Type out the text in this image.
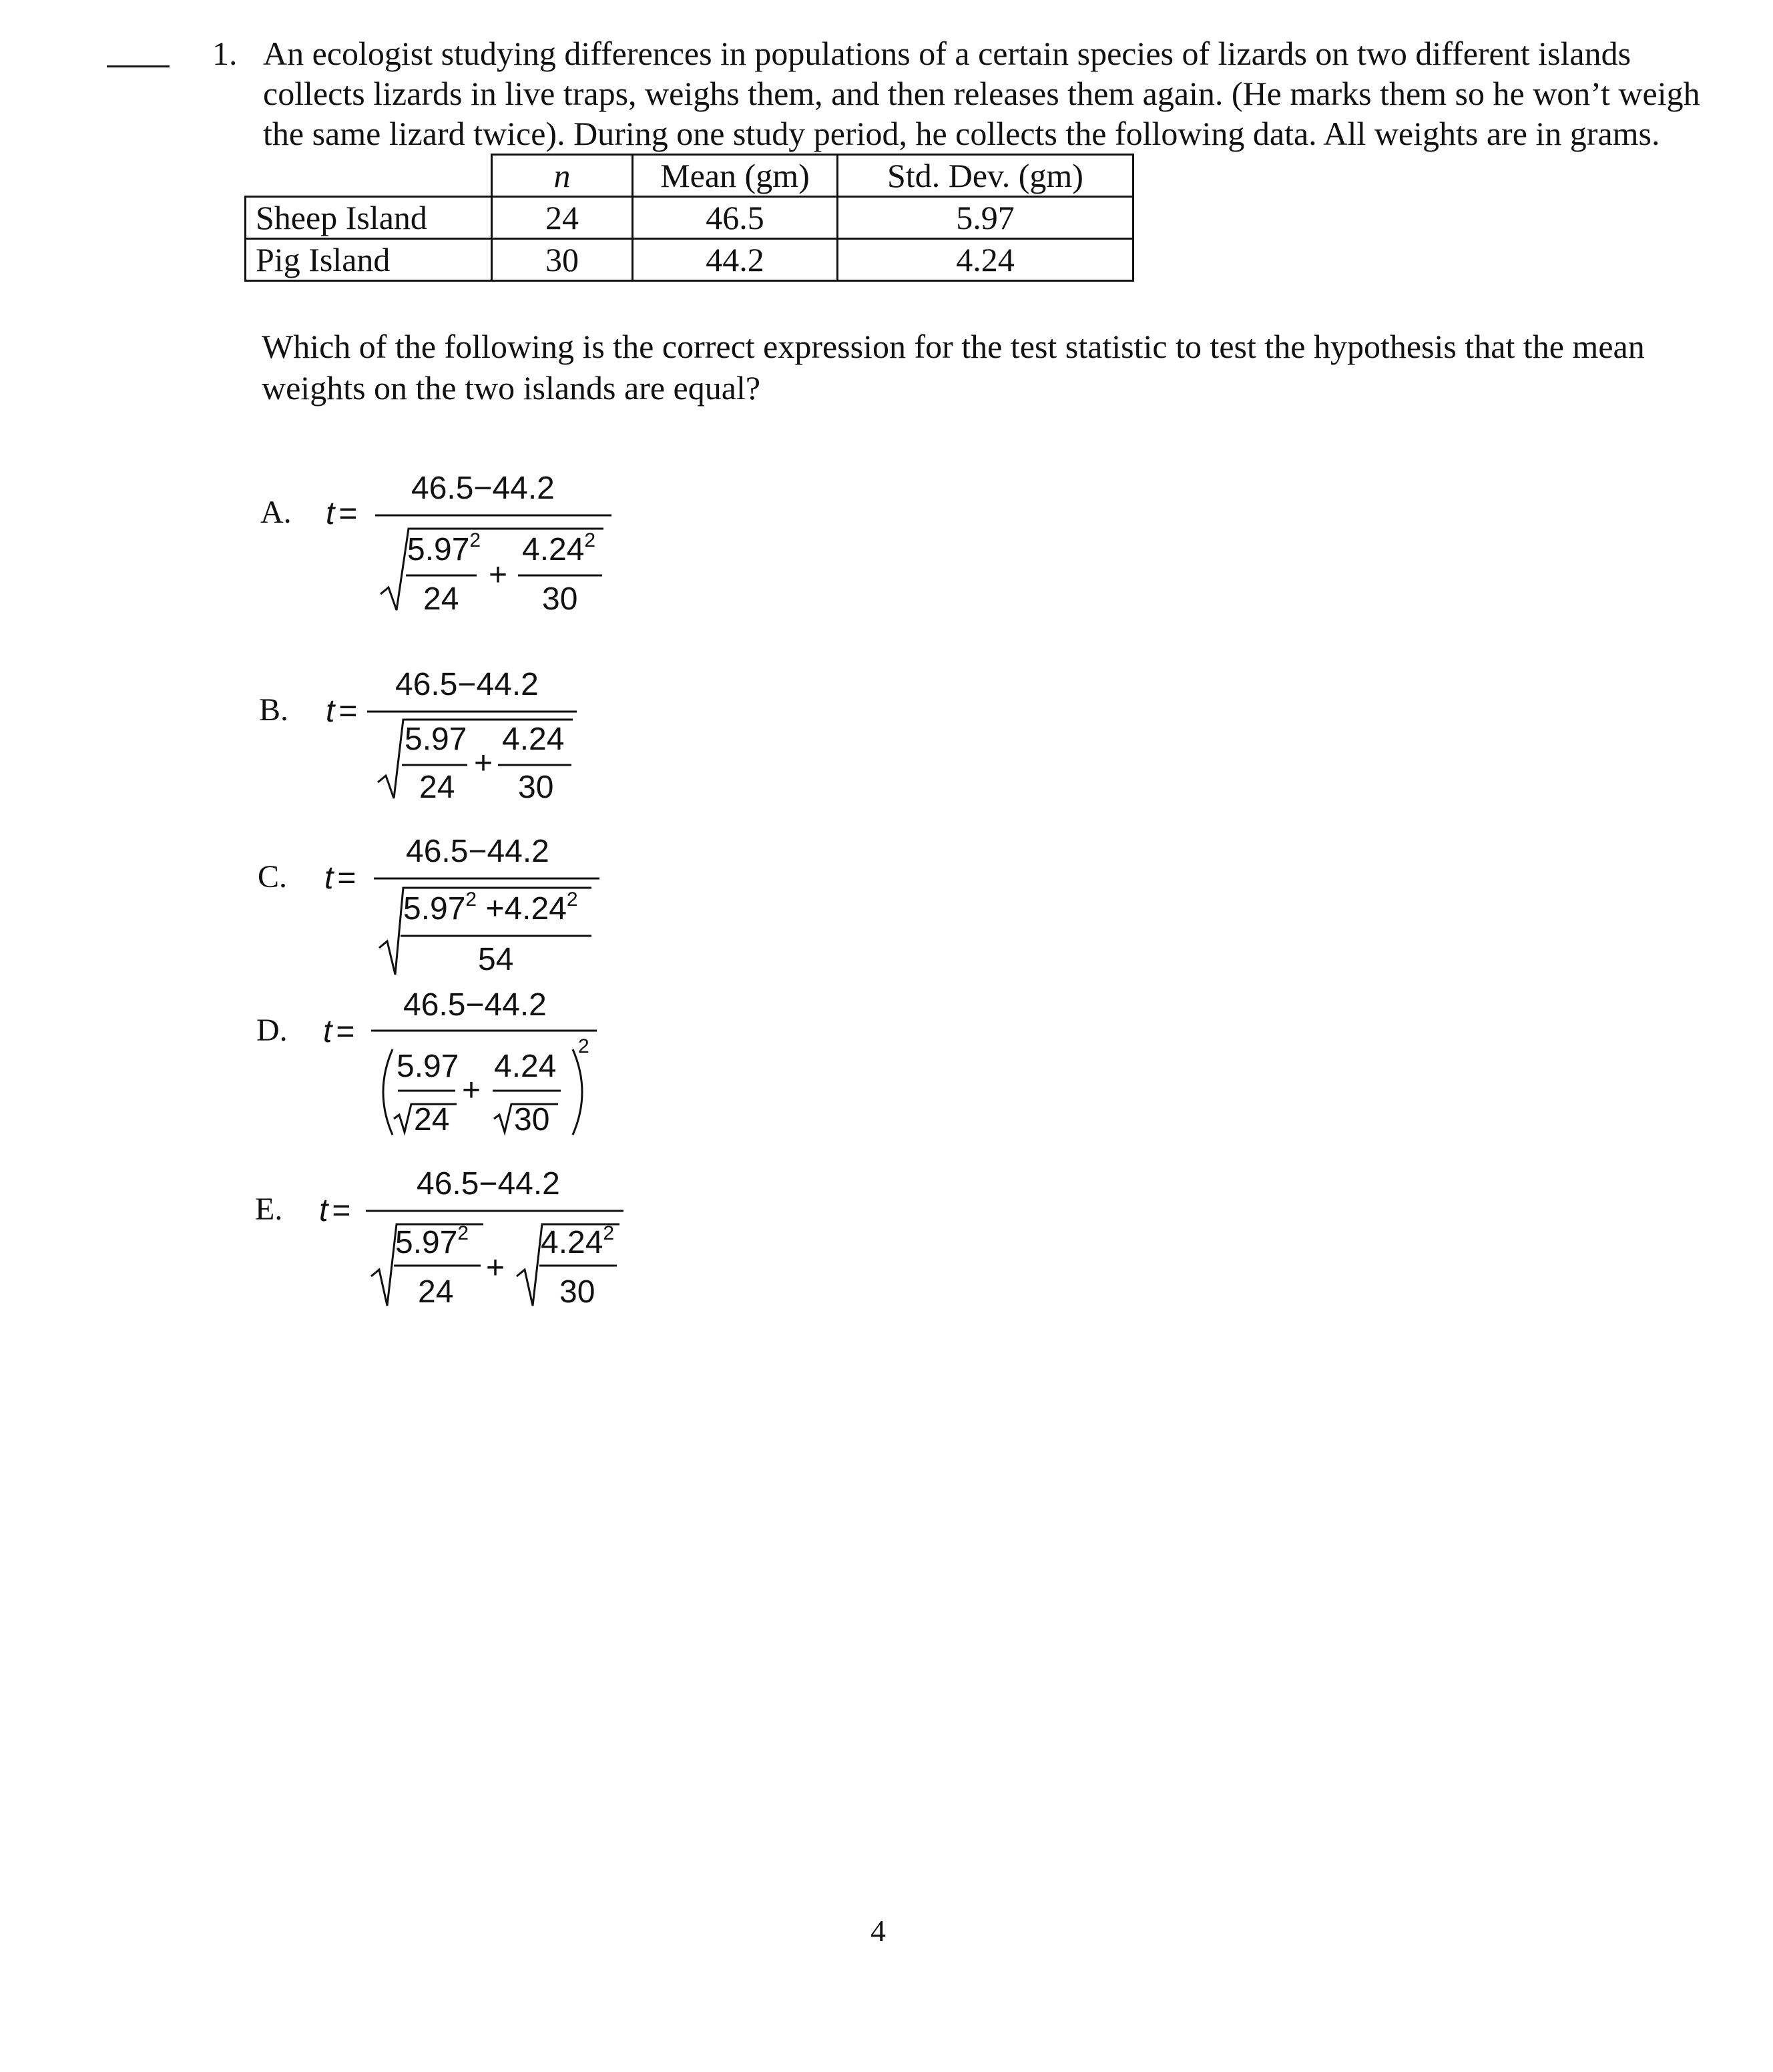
1. An ecologist studying differences in populations of a certain species of lizards on two different islands
collects lizards in live traps, weighs them, and then releases them again. (He marks them so he won’t weigh
the same lizard twice). During one study period, he collects the following data. All weights are in grams.
	n	Mean (gm)	Std. Dev. (gm)
Sheep Island	24	46.5	5.97
Pig Island	30	44.2	4.24
Which of the following is the correct expression for the test statistic to test the hypothesis that the mean
weights on the two islands are equal?
A. t =
46.5−44.2
5.97$^2$
24
+
$4.24^2$
30
B. t =
46.5−44.2
5.97
24
+
4.24
30
C. t =
46.5−44.2
$5.97^2 +4.24^2$
54
D. t =
46.5−44.2
5.97
24
+
4.24
30
2
E. t =
46.5−44.2
5.97$^2$
24
+
$4.24^2$
30
4
